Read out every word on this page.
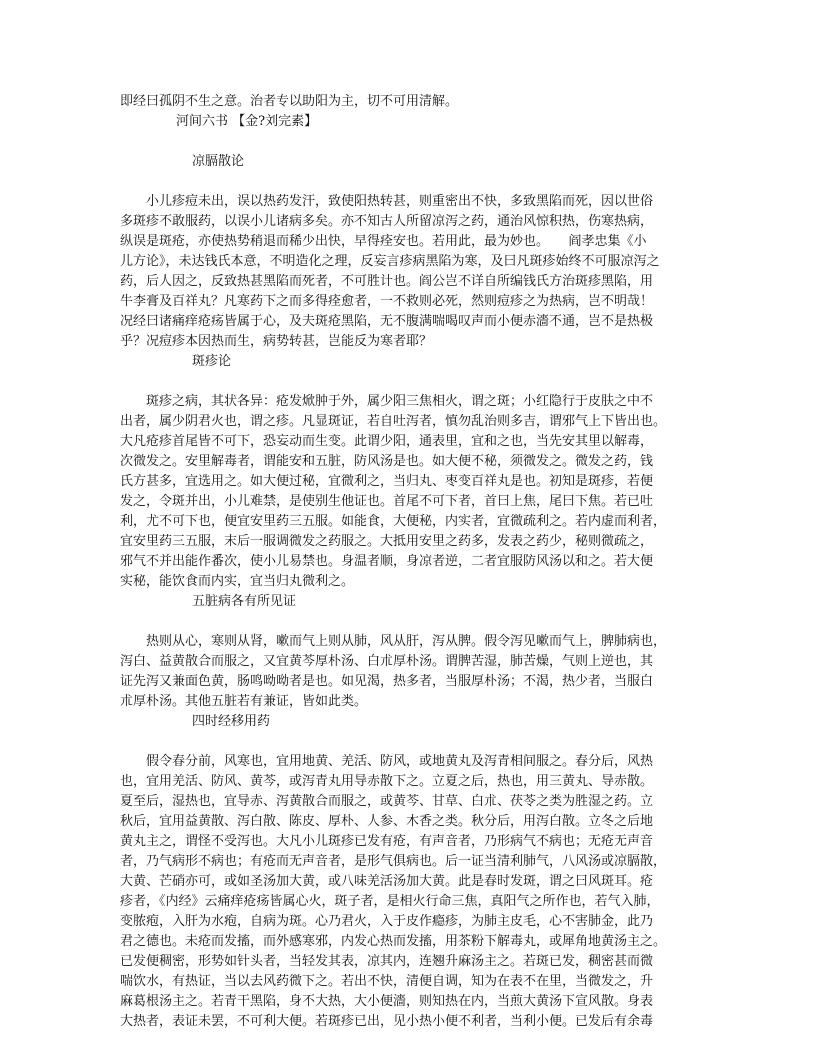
即经曰孤阴不生之意。治者专以助阳为主，切不可用清解。

河间六书 【金?刘完素】

凉膈散论

　　小儿疹痘未出，误以热药发汗，致使阳热转甚，则重密出不快，多致黑陷而死，因以世俗

多斑疹不敢服药，以误小儿诸病多矣。亦不知古人所留凉泻之药，通治风惊积热，伤寒热病，

纵误是斑疮，亦使热势稍退而稀少出快，早得痊安也。若用此，最为妙也。　　阎孝忠集《小

儿方论》，未达钱氏本意，不明造化之理，反妄言疹病黑陷为寒，及曰凡斑疹始终不可服凉泻之

药，后人因之，反致热甚黑陷而死者，不可胜计也。阎公岂不详自所编钱氏方治斑疹黑陷，用

牛李膏及百祥丸？凡寒药下之而多得痊愈者，一不救则必死，然则痘疹之为热病，岂不明哉！

况经曰诸痛痒疮疡皆属于心，及夫斑疮黑陷，无不腹满喘喝叹声而小便赤濇不通，岂不是热极

乎？况痘疹本因热而生，病势转甚，岂能反为寒者耶？

斑疹论

　　斑疹之病，其状各异：疮发焮肿于外，属少阳三焦相火，谓之斑；小红隐行于皮肤之中不

出者，属少阴君火也，谓之疹。凡显斑证，若自吐泻者，慎勿乱治则多吉，谓邪气上下皆出也。

大凡疮疹首尾皆不可下，恐妄动而生变。此谓少阳，通表里，宜和之也，当先安其里以解毒，

次微发之。安里解毒者，谓能安和五脏，防风汤是也。如大便不秘，须微发之。微发之药，钱

氏方甚多，宜选用之。如大便过秘，宜微利之，当归丸、枣变百祥丸是也。初知是斑疹，若便

发之，令斑并出，小儿难禁，是使别生他证也。首尾不可下者，首曰上焦，尾曰下焦。若已吐

利，尤不可下也，便宜安里药三五服。如能食，大便秘，内实者，宜微疏利之。若内虚而利者，

宜安里药三五服，末后一服调微发之药服之。大抵用安里之药多，发表之药少，秘则微疏之，

邪气不并出能作番次，使小儿易禁也。身温者顺，身凉者逆，二者宜服防风汤以和之。若大便

实秘，能饮食而内实，宜当归丸微利之。

五脏病各有所见证

　　热则从心，寒则从肾，嗽而气上则从肺，风从肝，泻从脾。假令泻见嗽而气上，脾肺病也，

泻白、益黄散合而服之，又宜黄芩厚朴汤、白朮厚朴汤。谓脾苦湿，肺苦燥，气则上逆也，其

证先泻又兼面色黄，肠鸣呦呦者是也。如见渴，热多者，当服厚朴汤；不渴，热少者，当服白

朮厚朴汤。其他五脏若有兼证，皆如此类。

四时经移用药

　　假令春分前，风寒也，宜用地黄、羌活、防风，或地黄丸及泻青相间服之。春分后，风热

也，宜用羌活、防风、黄芩，或泻青丸用导赤散下之。立夏之后，热也，用三黄丸、导赤散。

夏至后，湿热也，宜导赤、泻黄散合而服之，或黄芩、甘草、白朮、茯苓之类为胜湿之药。立

秋后，宜用益黄散、泻白散、陈皮、厚朴、人参、木香之类。秋分后，用泻白散。立冬之后地

黄丸主之，谓怪不受泻也。大凡小儿斑疹已发有疮，有声音者，乃形病气不病也；无疮无声音

者，乃气病形不病也；有疮而无声音者，是形气俱病也。后一证当清利肺气，八风汤或凉膈散，

大黄、芒硝亦可，或如圣汤加大黄，或八味羌活汤加大黄。此是春时发斑，谓之曰风斑耳。疮

疹者，《内经》云痛痒疮疡皆属心火，斑子者，是相火行命三焦，真阳气之所作也，若气入肺，

变脓疱，入肝为水疱，自病为斑。心乃君火，入于皮作瘾疹，为肺主皮毛，心不害肺金，此乃

君之德也。未疮而发搐，而外感寒邪，内发心热而发搐，用茶粉下解毒丸，或犀角地黄汤主之。

已发便稠密，形势如针头者，当轻发其表，凉其内，连翘升麻汤主之。若斑已发，稠密甚而微

喘饮水，有热证，当以去风药微下之。若出不快，清便自调，知为在表不在里，当微发之，升

麻葛根汤主之。若青干黑陷，身不大热，大小便濇，则知热在内，当煎大黄汤下宣风散。身表

大热者，表证未罢，不可利大便。若斑疹已出，见小热小便不利者，当利小便。已发后有余毒
